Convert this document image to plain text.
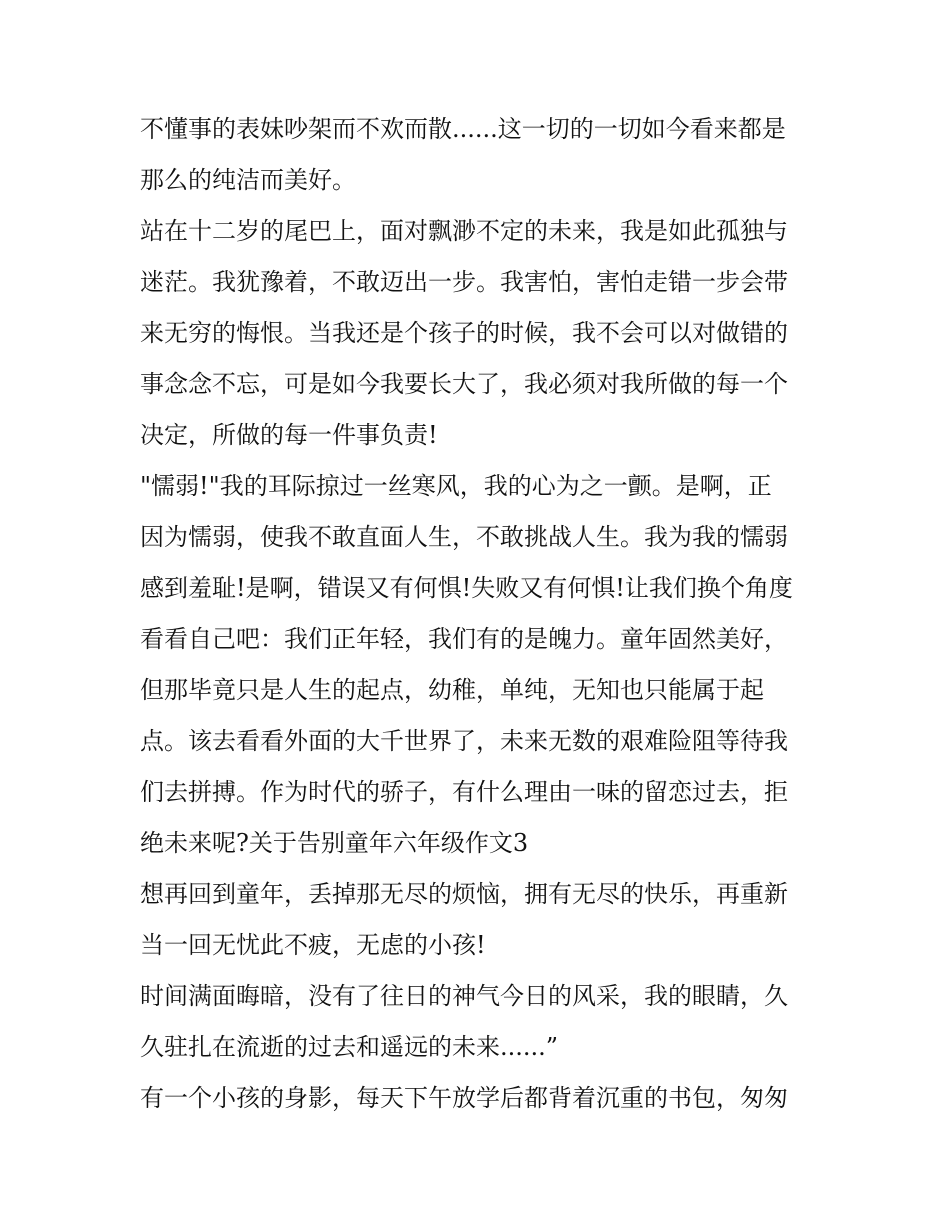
不懂事的表妹吵架而不欢而散......这一切的一切如今看来都是
那么的纯洁而美好。
站在十二岁的尾巴上，面对飘渺不定的未来，我是如此孤独与
迷茫。我犹豫着，不敢迈出一步。我害怕，害怕走错一步会带
来无穷的悔恨。当我还是个孩子的时候，我不会可以对做错的
事念念不忘，可是如今我要长大了，我必须对我所做的每一个
决定，所做的每一件事负责!
"懦弱!"我的耳际掠过一丝寒风，我的心为之一颤。是啊，正
因为懦弱，使我不敢直面人生，不敢挑战人生。我为我的懦弱
感到羞耻!是啊，错误又有何惧!失败又有何惧!让我们换个角度
看看自己吧：我们正年轻，我们有的是魄力。童年固然美好，
但那毕竟只是人生的起点，幼稚，单纯，无知也只能属于起
点。该去看看外面的大千世界了，未来无数的艰难险阻等待我
们去拼搏。作为时代的骄子，有什么理由一味的留恋过去，拒
绝未来呢?关于告别童年六年级作文3
想再回到童年，丢掉那无尽的烦恼，拥有无尽的快乐，再重新
当一回无忧此不疲，无虑的小孩!
时间满面晦暗，没有了往日的神气今日的风采，我的眼睛，久
久驻扎在流逝的过去和遥远的未来......”
有一个小孩的身影，每天下午放学后都背着沉重的书包，匆匆
